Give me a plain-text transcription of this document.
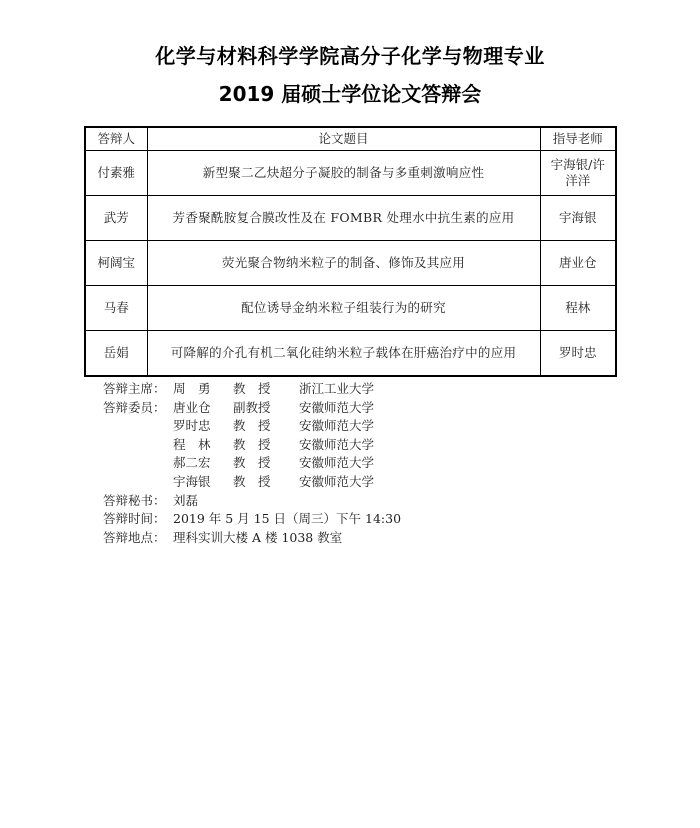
化学与材料科学学院高分子化学与物理专业
2019 届硕士学位论文答辩会
答辩人	论文题目	指导老师
付素雅	新型聚二乙炔超分子凝胶的制备与多重刺激响应性	宇海银/许洋洋
武芳	芳香聚酰胺复合膜改性及在 FOMBR 处理水中抗生素的应用	宇海银
柯阔宝	荧光聚合物纳米粒子的制备、修饰及其应用	唐业仓
马春	配位诱导金纳米粒子组装行为的研究	程林
岳娟	可降解的介孔有机二氧化硅纳米粒子载体在肝癌治疗中的应用	罗时忠
答辩主席： 周　勇 教　授 浙江工业大学
答辩委员： 唐业仓 副教授 安徽师范大学
罗时忠 教　授 安徽师范大学
程　林 教　授 安徽师范大学
郝二宏 教　授 安徽师范大学
宇海银 教　授 安徽师范大学
答辩秘书： 刘磊
答辩时间： 2019 年 5 月 15 日（周三）下午 14:30
答辩地点： 理科实训大楼 A 楼 1038 教室
